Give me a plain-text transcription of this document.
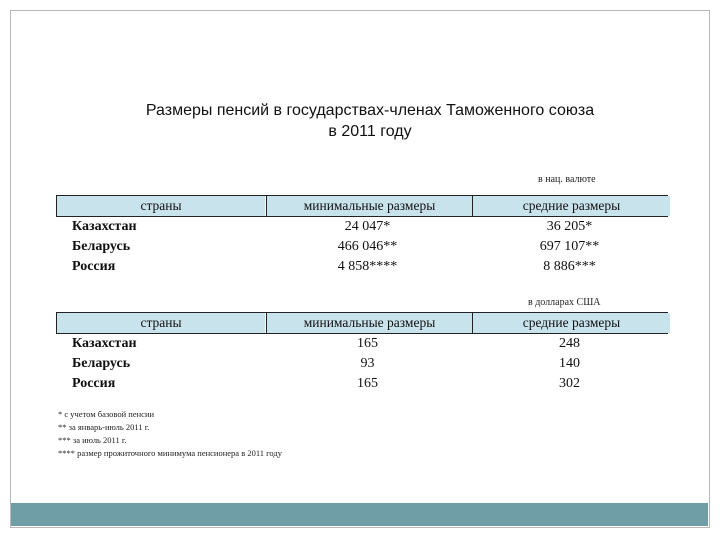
Размеры пенсий в государствах-членах Таможенного союза
в 2011 году
в нац. валюте
страны	минимальные размеры	средние размеры
Казахстан	24 047*	36 205*
Беларусь	466 046**	697 107**
Россия	4 858****	8 886***
в долларах США
страны	минимальные размеры	средние размеры
Казахстан	165	248
Беларусь	93	140
Россия	165	302
* с учетом базовой пенсии
** за январь-июль 2011 г.
*** за июль 2011 г.
**** размер прожиточного минимума пенсионера в 2011 году
